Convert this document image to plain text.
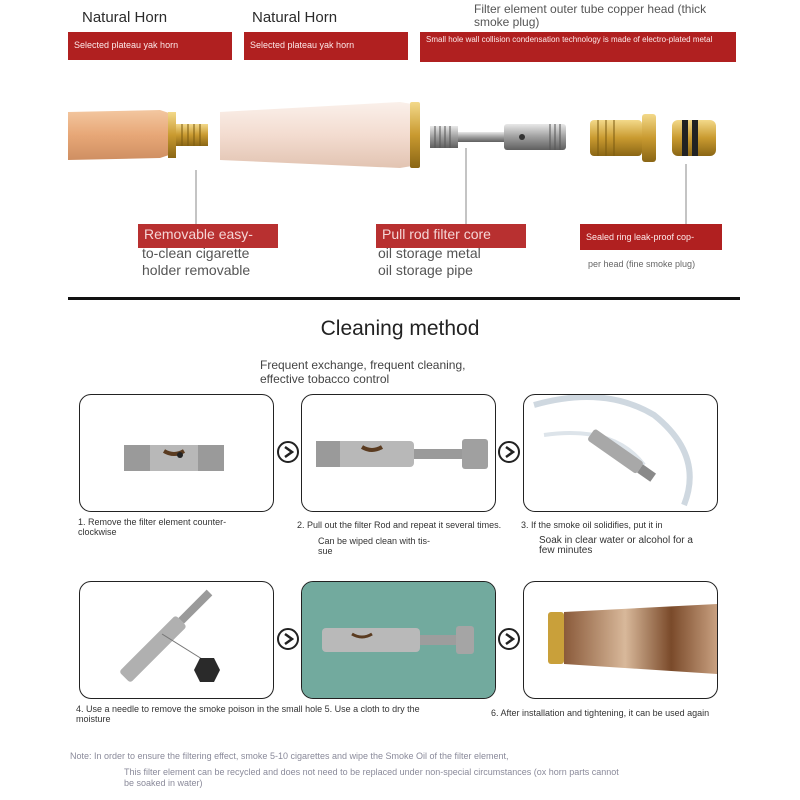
Natural Horn
Selected plateau yak horn
Natural Horn
Selected plateau yak horn
Filter element outer tube copper head (thick smoke plug)
Small hole wall collision condensation technology is made of electro-plated metal
Removable easy-
to-clean cigarette
holder removable
Pull rod filter core
oil storage metal
oil storage pipe
Sealed ring leak-proof cop-
per head (fine smoke plug)
Cleaning method
Frequent exchange, frequent cleaning,
effective tobacco control
1. Remove the filter element counter-
clockwise
2. Pull out the filter Rod and repeat it several times.
Can be wiped clean with tis-
sue
3. If the smoke oil solidifies, put it in
Soak in clear water or alcohol for a
few minutes
4. Use a needle to remove the smoke poison in the small hole 5. Use a cloth to dry the
moisture
6. After installation and tightening, it can be used again
Note: In order to ensure the filtering effect, smoke 5-10 cigarettes and wipe the Smoke Oil of the filter element,
This filter element can be recycled and does not need to be replaced under non-special circumstances (ox horn parts cannot
be soaked in water)
